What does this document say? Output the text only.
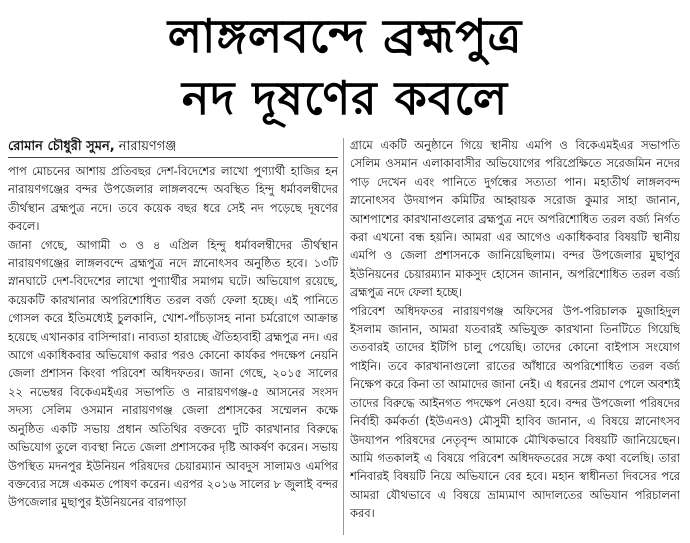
লাঙ্গলবন্দে ব্রহ্মপুত্র
নদ দূষণের কবলে
রোমান চৌধুরী সুমন, নারায়ণগঞ্জ

পাপ মোচনের আশায় প্রতিবছর দেশ-বিদেশের লাখো পুণ্যার্থী হাজির হন নারায়ণগঞ্জের বন্দর উপজেলার লাঙ্গলবন্দে অবস্থিত হিন্দু ধর্মাবলম্বীদের তীর্থস্থান ব্রহ্মপুত্র নদে। তবে কয়েক বছর ধরে সেই নদ পড়েছে দূষণের কবলে।

জানা গেছে, আগামী ৩ ও ৪ এপ্রিল হিন্দু ধর্মাবলম্বীদের তীর্থস্থান নারায়ণগঞ্জের লাঙ্গলবন্দে ব্রহ্মপুত্র নদে স্নানোৎসব অনুষ্ঠিত হবে। ১৩টি স্নানঘাটে দেশ-বিদেশের লাখো পুণ্যার্থীর সমাগম ঘটে। অভিযোগ রয়েছে, কয়েকটি কারখানার অপরিশোধিত তরল বর্জ্য ফেলা হচ্ছে। এই পানিতে গোসল করে ইতিমধ্যেই চুলকানি, খোশ-পাঁচড়াসহ নানা চর্মরোগে আক্রান্ত হয়েছে এখানকার বাসিন্দারা। নাব্যতা হারাচ্ছে ঐতিহ্যবাহী ব্রহ্মপুত্র নদ। এর আগে একাধিকবার অভিযোগ করার পরও কোনো কার্যকর পদক্ষেপ নেয়নি জেলা প্রশাসন কিংবা পরিবেশ অধিদফতর। জানা গেছে, ২০১৫ সালের ২২ নভেম্বর বিকেএমইএর সভাপতি ও নারায়ণগঞ্জ-৫ আসনের সংসদ সদস্য সেলিম ওসমান নারায়ণগঞ্জ জেলা প্রশাসকের সম্মেলন কক্ষে অনুষ্ঠিত একটি সভায় প্রধান অতিথির বক্তব্যে দুটি কারখানার বিরুদ্ধে অভিযোগ তুলে ব্যবস্থা নিতে জেলা প্রশাসকের দৃষ্টি আকর্ষণ করেন। সভায় উপস্থিত মদনপুর ইউনিয়ন পরিষদের চেয়ারম্যান আবদুস সালামও এমপির বক্তব্যের সঙ্গে একমত পোষণ করেন। এরপর ২০১৬ সালের ৮ জুলাই বন্দর উপজেলার মুছাপুর ইউনিয়নের বারপাড়া

গ্রামে একটি অনুষ্ঠানে গিয়ে স্থানীয় এমপি ও বিকেএমইএর সভাপতি সেলিম ওসমান এলাকাবাসীর অভিযোগের পরিপ্রেক্ষিতে সরেজমিন নদের পাড় দেখেন এবং পানিতে দুর্গন্ধের সত্যতা পান। মহাতীর্থ লাঙ্গলবন্দ স্নানোৎসব উদযাপন কমিটির আহ্বায়ক সরোজ কুমার সাহা জানান, আশপাশের কারখানাগুলোর ব্রহ্মপুত্র নদে অপরিশোধিত তরল বর্জ্য নির্গত করা এখনো বন্ধ হয়নি। আমরা এর আগেও একাধিকবার বিষয়টি স্থানীয় এমপি ও জেলা প্রশাসনকে জানিয়েছিলাম। বন্দর উপজেলার মুছাপুর ইউনিয়নের চেয়ারম্যান মাকসুদ হোসেন জানান, অপরিশোধিত তরল বর্জ্য ব্রহ্মপুত্র নদে ফেলা হচ্ছে।

পরিবেশ অধিদফতর নারায়ণগঞ্জ অফিসের উপ-পরিচালক মুজাহিদুল ইসলাম জানান, আমরা যতবারই অভিযুক্ত কারখানা তিনটিতে গিয়েছি ততবারই তাদের ইটিপি চালু পেয়েছি। তাদের কোনো বাইপাস সংযোগ পাইনি। তবে কারখানাগুলো রাতের আঁধারে অপরিশোধিত তরল বর্জ্য নিক্ষেপ করে কিনা তা আমাদের জানা নেই। এ ধরনের প্রমাণ পেলে অবশ্যই তাদের বিরুদ্ধে আইনগত পদক্ষেপ নেওয়া হবে। বন্দর উপজেলা পরিষদের নির্বাহী কর্মকর্তা (ইউএনও) মৌসুমী হাবিব জানান, এ বিষয়ে স্নানোৎসব উদযাপন পরিষদের নেতৃবৃন্দ আমাকে মৌখিকভাবে বিষয়টি জানিয়েছেন। আমি গতকালই এ বিষয়ে পরিবেশ অধিদফতরের সঙ্গে কথা বলেছি। তারা শনিবারই বিষয়টি নিয়ে অভিযানে বের হবে। মহান স্বাধীনতা দিবসের পরে আমরা যৌথভাবে এ বিষয়ে ভ্রাম্যমাণ আদালতের অভিযান পরিচালনা করব।
